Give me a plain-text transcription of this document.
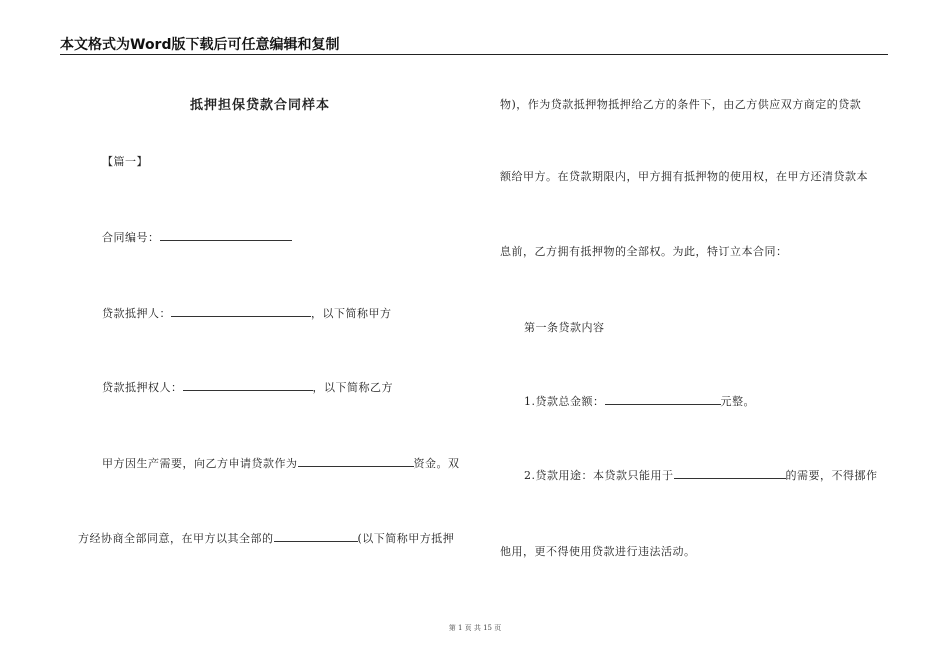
本文格式为Word版下载后可任意编辑和复制
抵押担保贷款合同样本
【篇一】
合同编号：
贷款抵押人：	，以下简称甲方
贷款抵押权人：	，以下简称乙方
甲方因生产需要，向乙方申请贷款作为	资金。双
方经协商全部同意，在甲方以其全部的	(以下简称甲方抵押
物)，作为贷款抵押物抵押给乙方的条件下，由乙方供应双方商定的贷款
额给甲方。在贷款期限内，甲方拥有抵押物的使用权，在甲方还清贷款本
息前，乙方拥有抵押物的全部权。为此，特订立本合同：
第一条贷款内容
1.贷款总金额：	元整。
2.贷款用途：本贷款只能用于	的需要，不得挪作
他用，更不得使用贷款进行违法活动。
第 1 页 共 15 页
